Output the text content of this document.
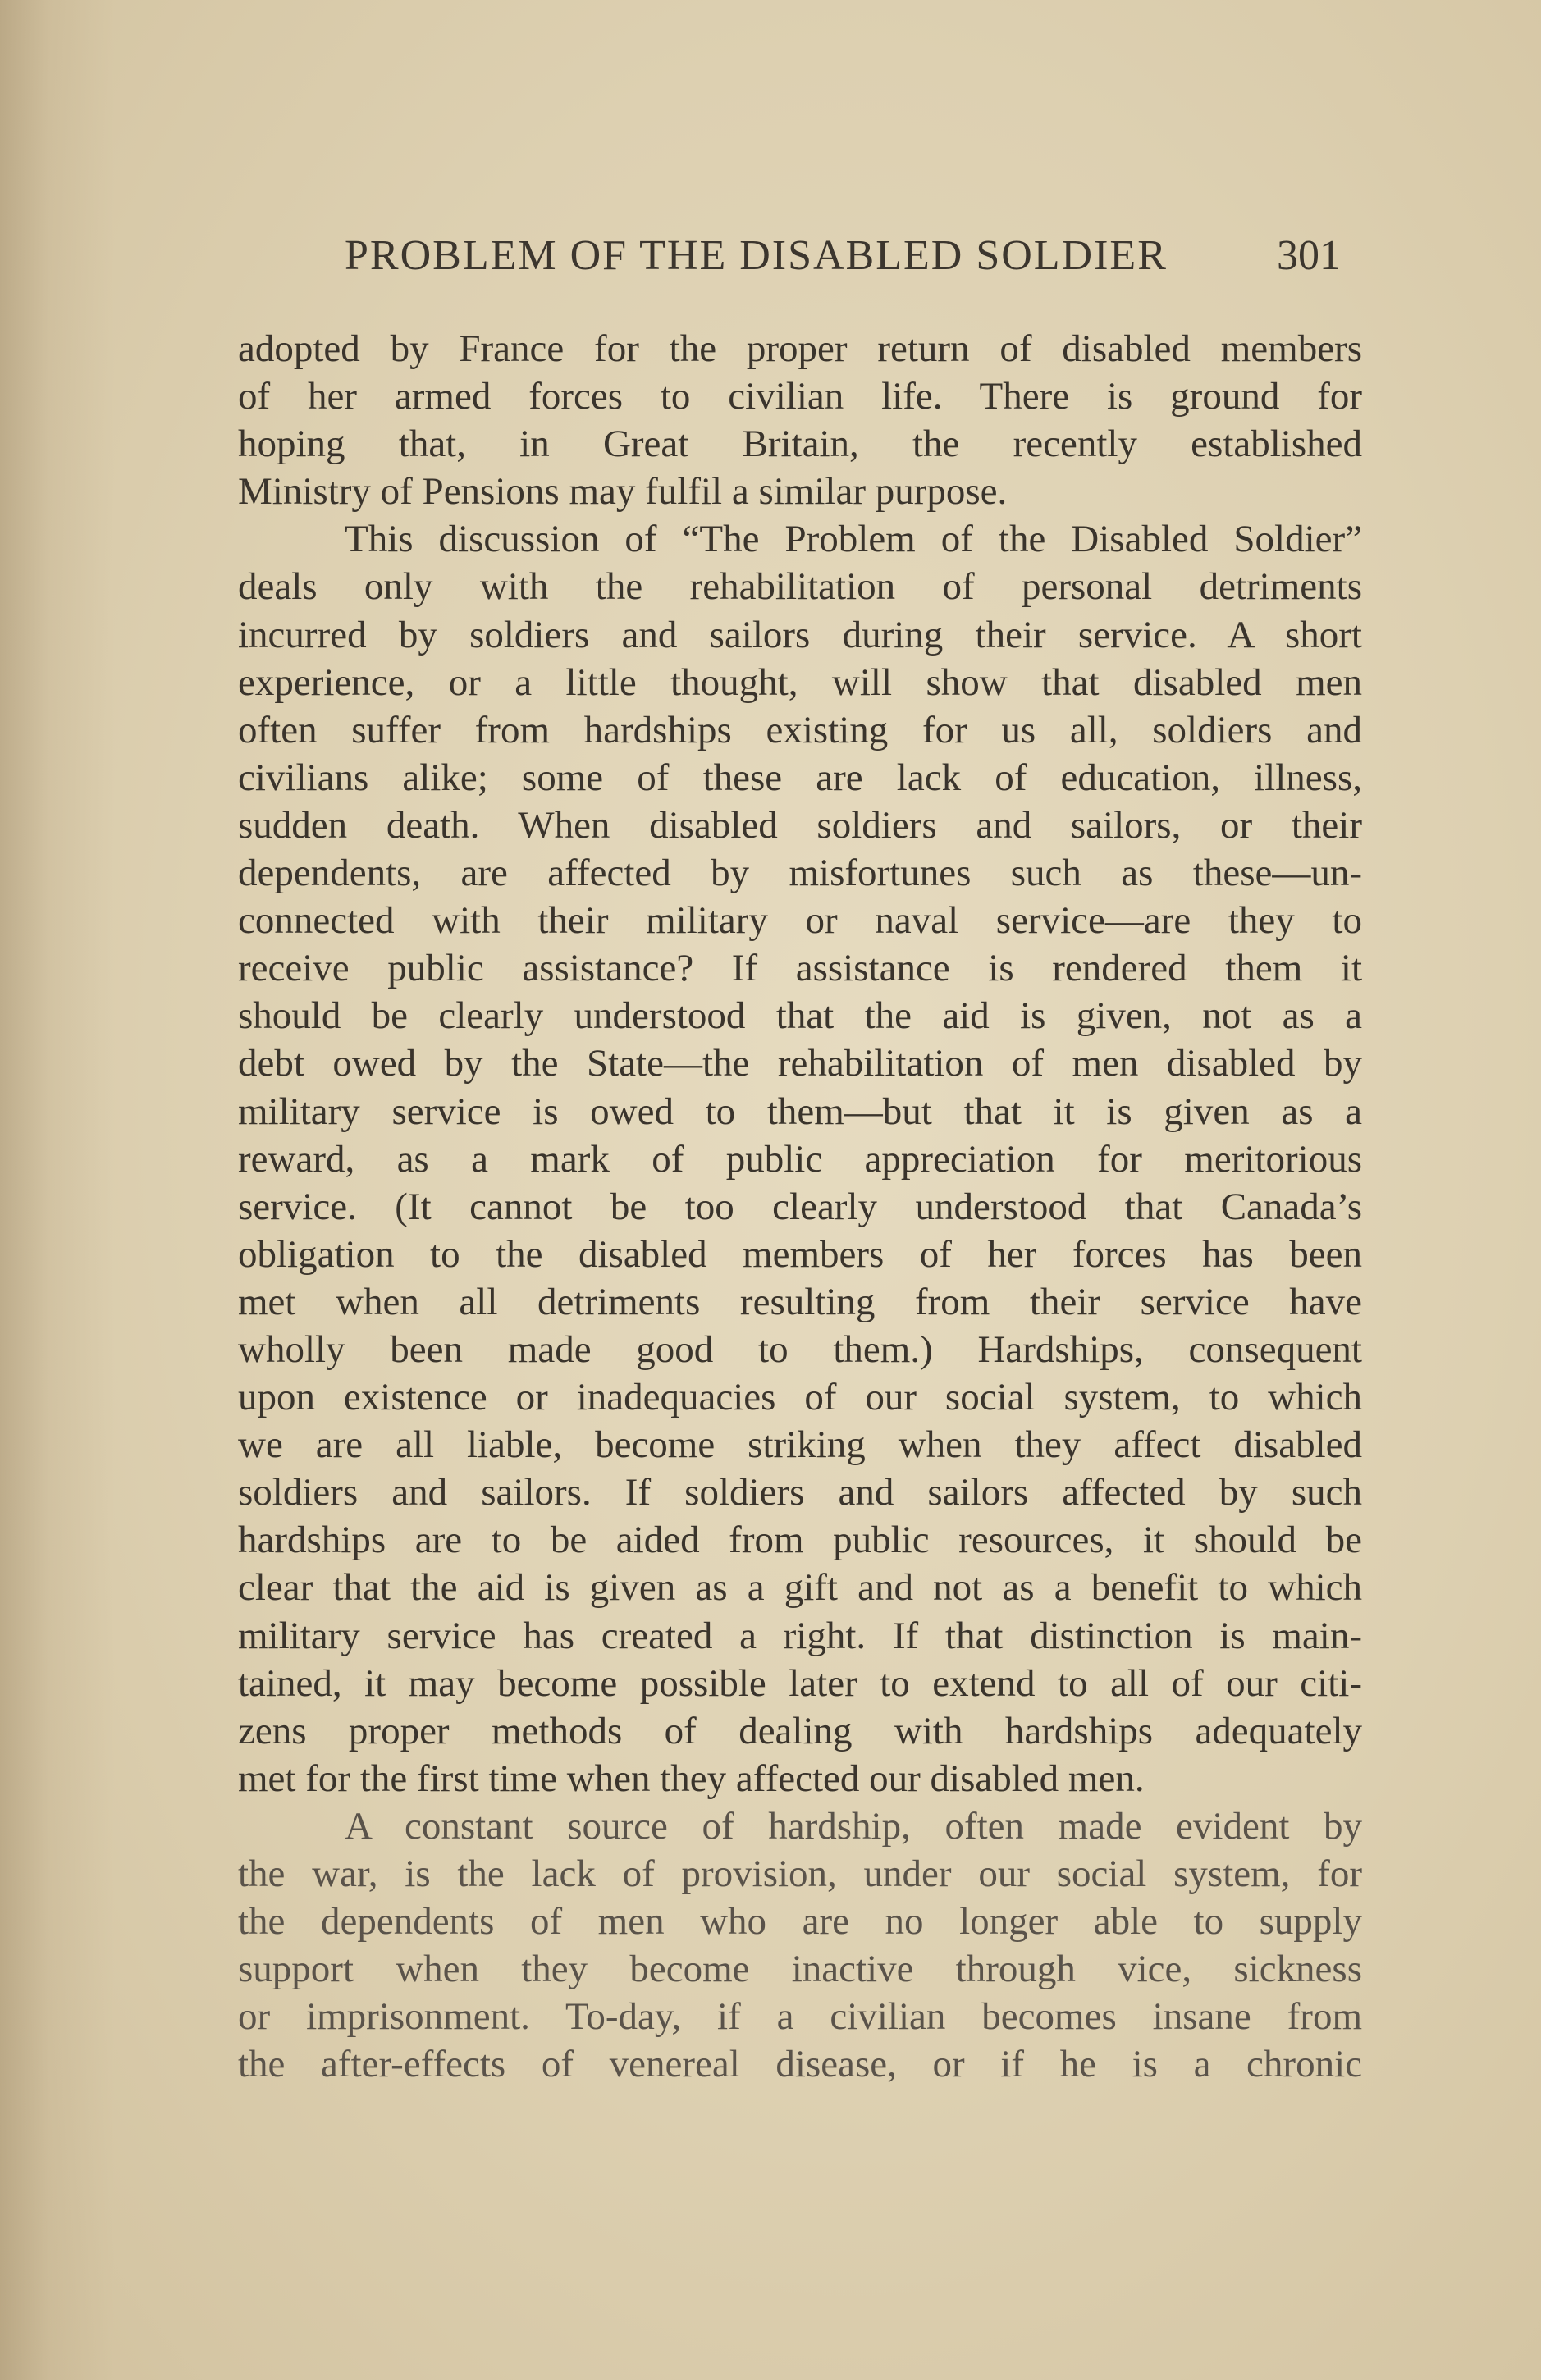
PROBLEM OF THE DISABLED SOLDIER	301
adopted by France for the proper return of disabled members
of her armed forces to civilian life. There is ground for
hoping that, in Great Britain, the recently established
Ministry of Pensions may fulfil a similar purpose.
This discussion of “The Problem of the Disabled Soldier”
deals only with the rehabilitation of personal detriments
incurred by soldiers and sailors during their service. A short
experience, or a little thought, will show that disabled men
often suffer from hardships existing for us all, soldiers and
civilians alike; some of these are lack of education, illness,
sudden death. When disabled soldiers and sailors, or their
dependents, are affected by misfortunes such as these—un-
connected with their military or naval service—are they to
receive public assistance? If assistance is rendered them it
should be clearly understood that the aid is given, not as a
debt owed by the State—the rehabilitation of men disabled by
military service is owed to them—but that it is given as a
reward, as a mark of public appreciation for meritorious
service. (It cannot be too clearly understood that Canada’s
obligation to the disabled members of her forces has been
met when all detriments resulting from their service have
wholly been made good to them.) Hardships, consequent
upon existence or inadequacies of our social system, to which
we are all liable, become striking when they affect disabled
soldiers and sailors. If soldiers and sailors affected by such
hardships are to be aided from public resources, it should be
clear that the aid is given as a gift and not as a benefit to which
military service has created a right. If that distinction is main-
tained, it may become possible later to extend to all of our citi-
zens proper methods of dealing with hardships adequately
met for the first time when they affected our disabled men.
A constant source of hardship, often made evident by
the war, is the lack of provision, under our social system, for
the dependents of men who are no longer able to supply
support when they become inactive through vice, sickness
or imprisonment. To-day, if a civilian becomes insane from
the after-effects of venereal disease, or if he is a chronic
